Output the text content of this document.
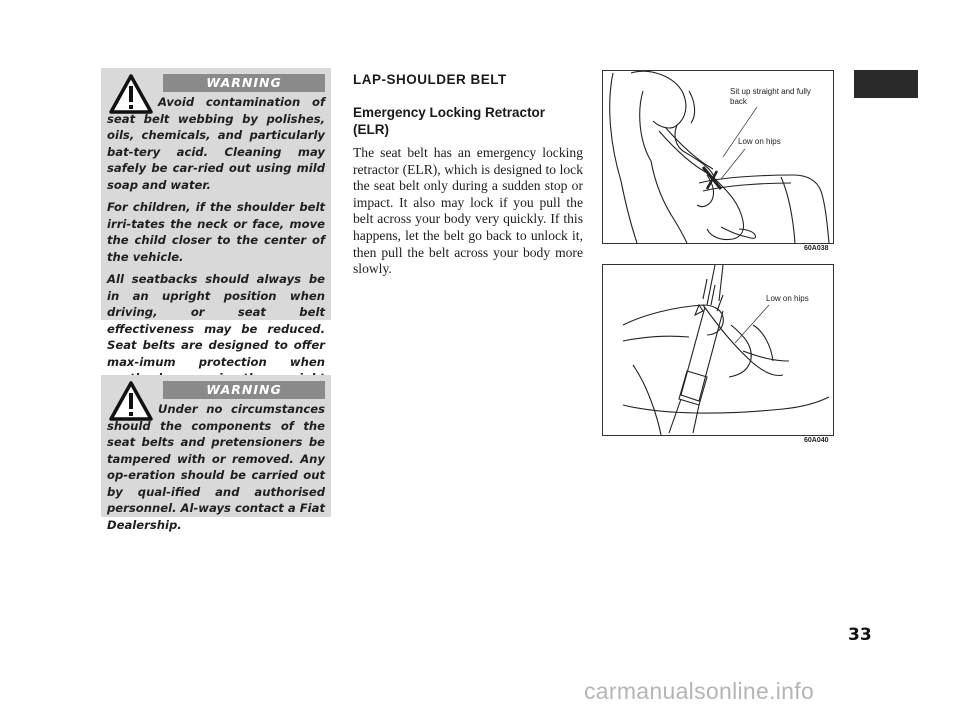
WARNING

Avoid contamination of seat belt webbing by polishes, oils, chemicals, and particularly bat-tery acid. Cleaning may safely be car-ried out using mild soap and water.

For children, if the shoulder belt irri-tates the neck or face, move the child closer to the center of the vehicle.

All seatbacks should always be in an upright position when driving, or seat belt effectiveness may be reduced. Seat belts are designed to offer max-imum protection when

WARNING

Under no circumstances should the components of the seat belts and pretensioners be tampered with or removed. Any op-eration should be carried out by qual-ified and authorised personnel. Al-ways contact a Fiat Dealership.

LAP-SHOULDER BELT
Emergency Locking Retractor (ELR)

The seat belt has an emergency locking retractor (ELR), which is designed to lock the seat belt only during a sudden stop or impact. It also may lock if you pull the belt across your body very quickly. If this happens, let the belt go back to unlock it, then pull the belt across your body more slowly.

Sit up straight and fully back
Low on hips
60A038
Low on hips
60A040
33
carmanualsonline.info
